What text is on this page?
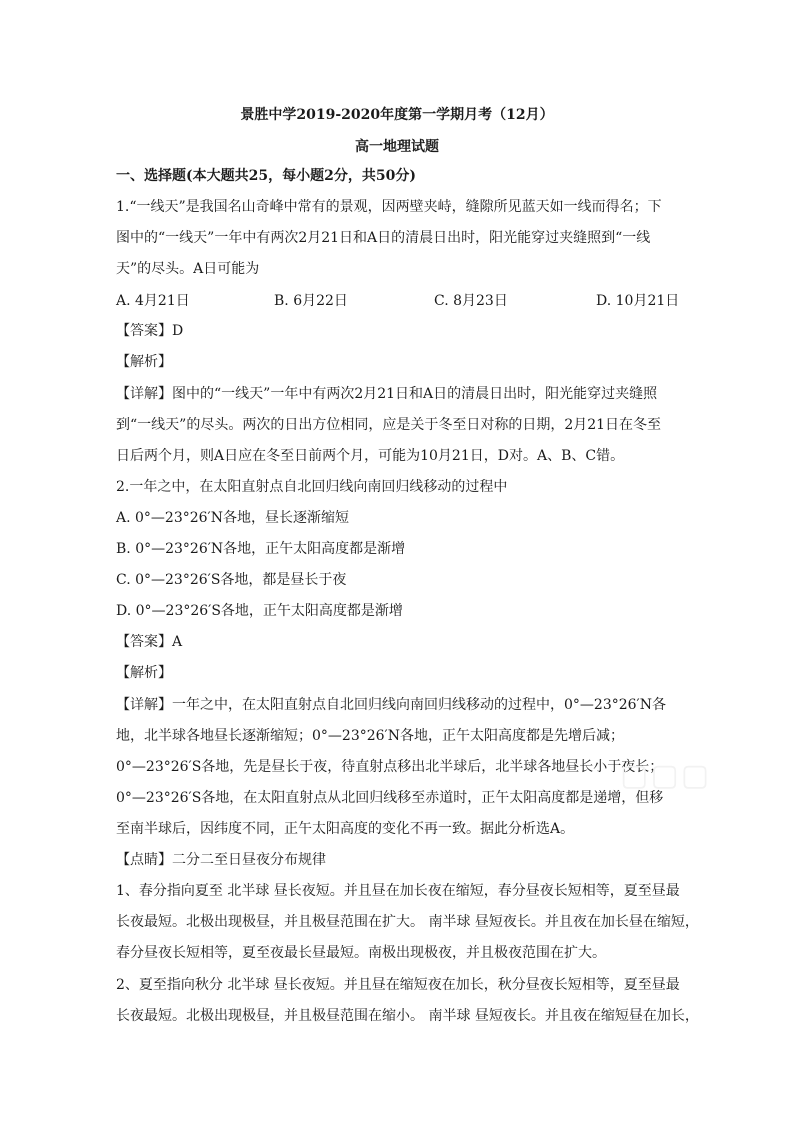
景胜中学2019-2020年度第一学期月考（12月）
高一地理试题
一、选择题(本大题共25，每小题2分，共50分)
1.“一线天”是我国名山奇峰中常有的景观，因两壁夹峙，缝隙所见蓝天如一线而得名；下
图中的“一线天”一年中有两次2月21日和A日的清晨日出时，阳光能穿过夹缝照到“一线
天”的尽头。A日可能为
A. 4月21日	B. 6月22日	C. 8月23日	D. 10月21日
【答案】D
【解析】
【详解】图中的“一线天”一年中有两次2月21日和A日的清晨日出时，阳光能穿过夹缝照
到“一线天”的尽头。两次的日出方位相同，应是关于冬至日对称的日期，2月21日在冬至
日后两个月，则A日应在冬至日前两个月，可能为10月21日，D对。A、B、C错。
2.一年之中，在太阳直射点自北回归线向南回归线移动的过程中
A. 0°—23°26′N各地，昼长逐渐缩短
B. 0°—23°26′N各地，正午太阳高度都是渐增
C. 0°—23°26′S各地，都是昼长于夜
D. 0°—23°26′S各地，正午太阳高度都是渐增
【答案】A
【解析】
【详解】一年之中，在太阳直射点自北回归线向南回归线移动的过程中，0°—23°26′N各
地，北半球各地昼长逐渐缩短；0°—23°26′N各地，正午太阳高度都是先增后减；
0°—23°26′S各地，先是昼长于夜，待直射点移出北半球后，北半球各地昼长小于夜长；
0°—23°26′S各地，在太阳直射点从北回归线移至赤道时，正午太阳高度都是递增，但移
至南半球后，因纬度不同，正午太阳高度的变化不再一致。据此分析选A。
【点睛】二分二至日昼夜分布规律
1、春分指向夏至 北半球 昼长夜短。并且昼在加长夜在缩短，春分昼夜长短相等，夏至昼最
长夜最短。北极出现极昼，并且极昼范围在扩大。 南半球 昼短夜长。并且夜在加长昼在缩短，
春分昼夜长短相等，夏至夜最长昼最短。南极出现极夜，并且极夜范围在扩大。
2、夏至指向秋分 北半球 昼长夜短。并且昼在缩短夜在加长，秋分昼夜长短相等，夏至昼最
长夜最短。北极出现极昼，并且极昼范围在缩小。 南半球 昼短夜长。并且夜在缩短昼在加长，
▢▢▢
